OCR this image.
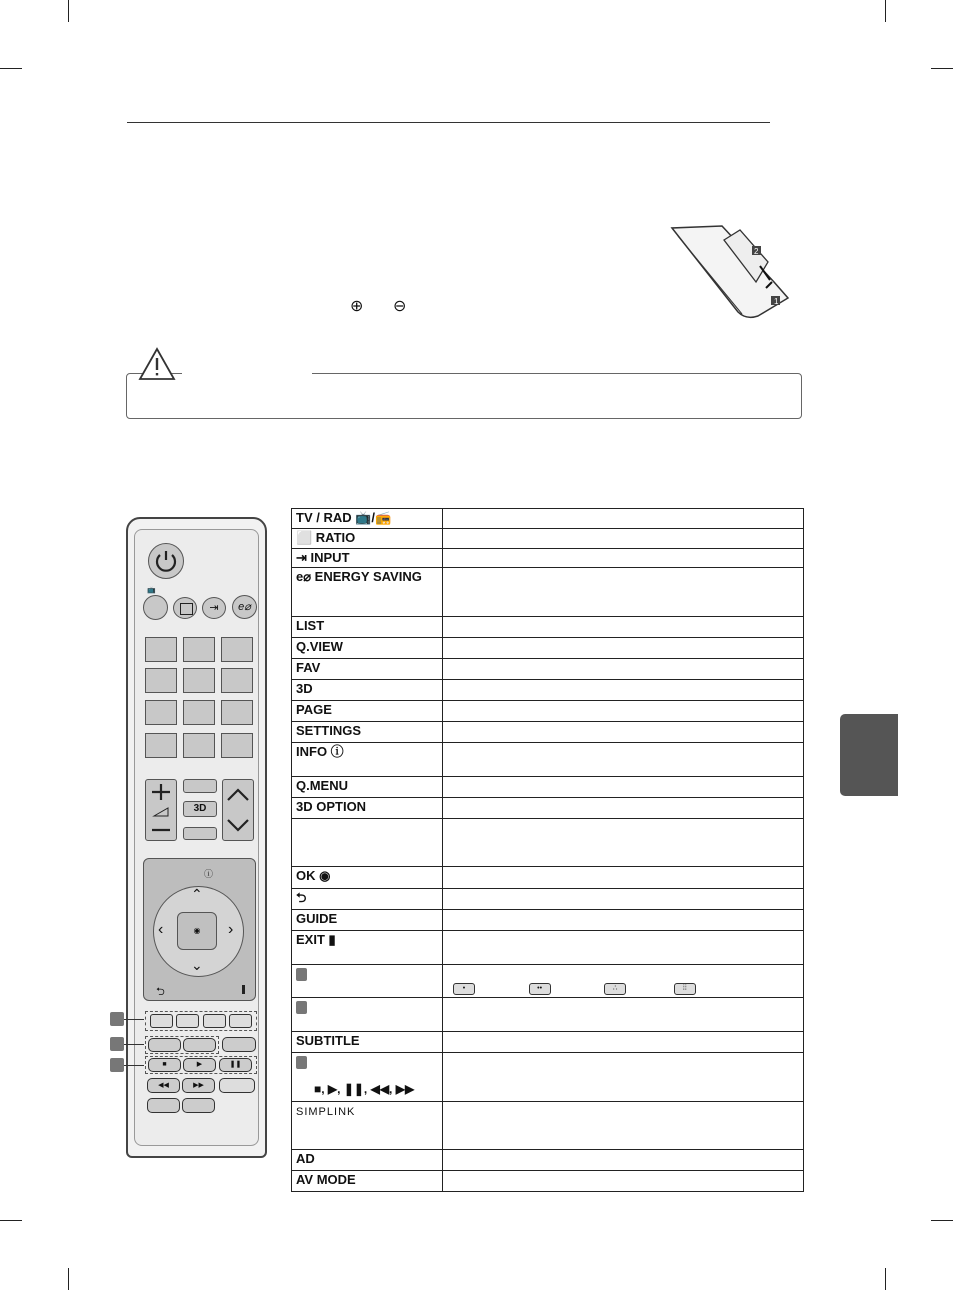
⊕ ⊖
2
1
📺
⇥	e⌀
3D
ⓘ
◉
⌃
⌄
‹	›
⮌
■	▶	❚❚
◀◀	▶▶
TV / RAD 📺/📻	
⬜ RATIO	
⇥ INPUT	
e⌀ ENERGY SAVING	
LIST	
Q.VIEW	
FAV	
3D	
PAGE	
SETTINGS	
INFO ⓘ	
Q.MENU	
3D OPTION	

OK ◉	
⮌	
GUIDE	
EXIT ▮	

	• •• ∴ ⁞⁞

SUBTITLE	

■, ▶, ❚❚, ◀◀, ▶▶	

SIMPLINK	
AD	
AV MODE	
